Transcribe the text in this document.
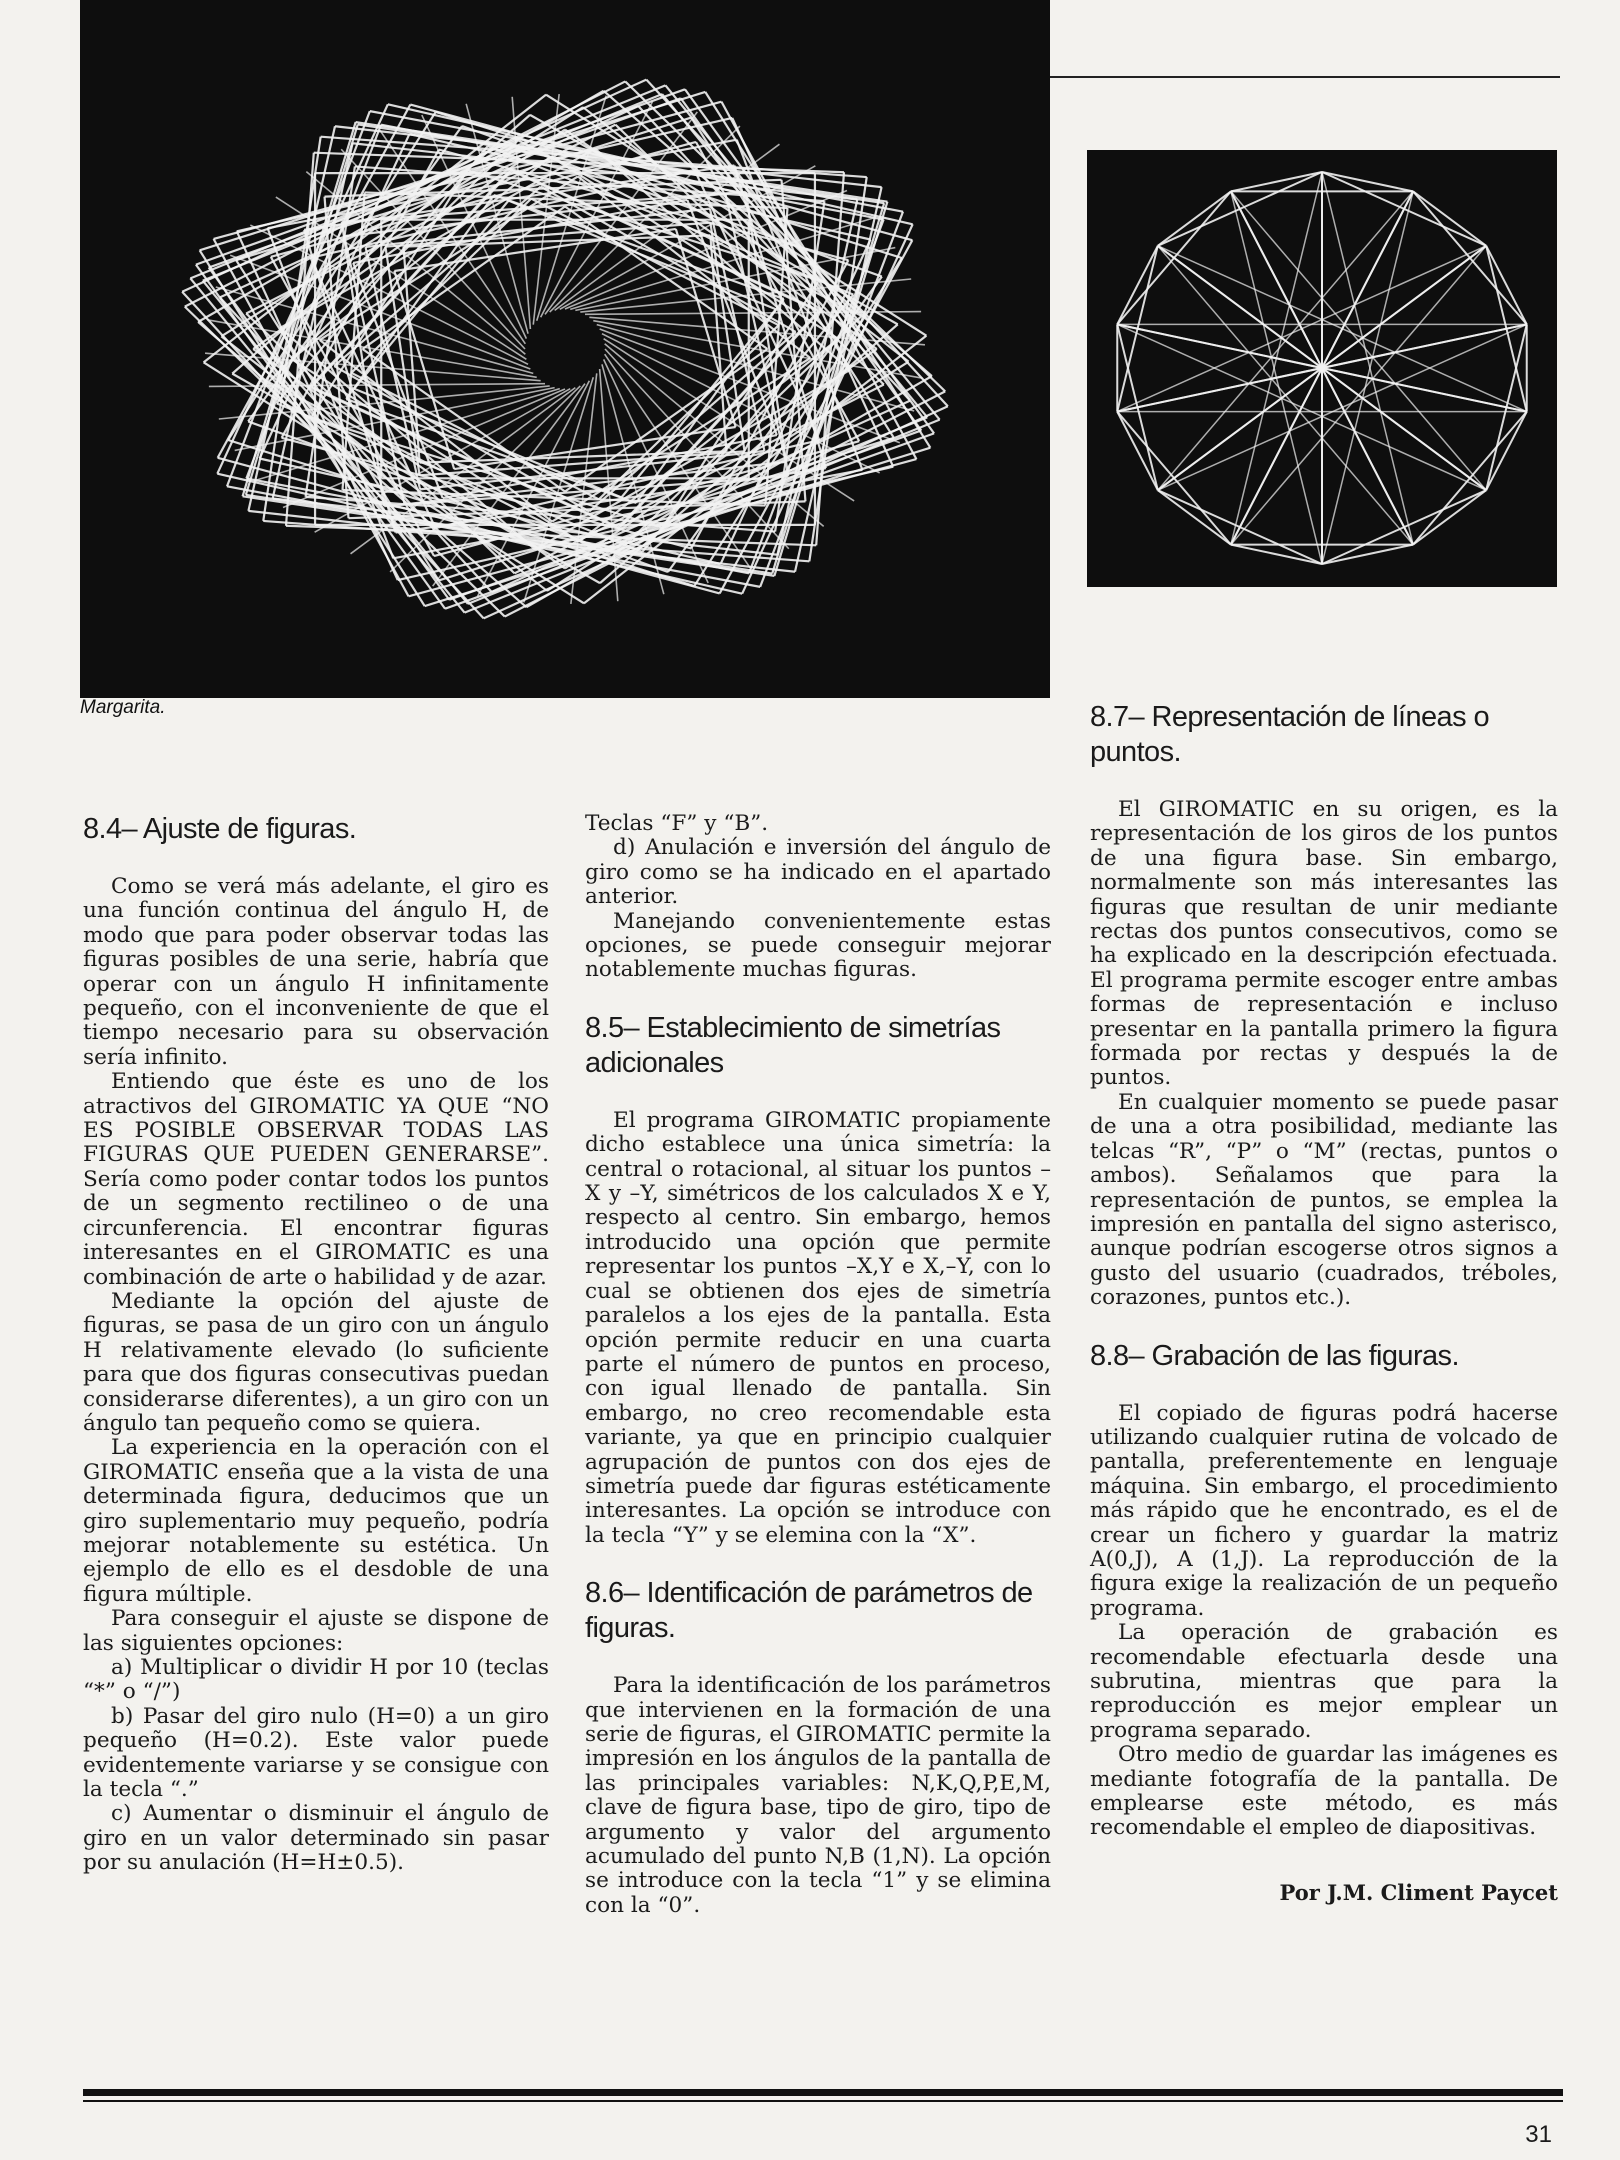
Margarita.
8.4– Ajuste de figuras.

Como se verá más adelante, el giro es una función continua del ángulo H, de modo que para poder observar todas las figuras posibles de una serie, habría que operar con un ángulo H infinitamente pequeño, con el inconveniente de que el tiempo necesario para su observación sería infinito.

Entiendo que éste es uno de los atractivos del GIROMATIC YA QUE “NO ES POSIBLE OBSERVAR TODAS LAS FIGURAS QUE PUEDEN GENERARSE”. Sería como poder contar todos los puntos de un segmento rectilineo o de una circunferencia. El encontrar figuras interesantes en el GIROMATIC es una combinación de arte o habilidad y de azar.

Mediante la opción del ajuste de figuras, se pasa de un giro con un ángulo H relativamente elevado (lo suficiente para que dos figuras consecutivas puedan considerarse diferentes), a un giro con un ángulo tan pequeño como se quiera.

La experiencia en la operación con el GIROMATIC enseña que a la vista de una determinada figura, deducimos que un giro suplementario muy pequeño, podría mejorar notablemente su estética. Un ejemplo de ello es el desdoble de una figura múltiple.

Para conseguir el ajuste se dispone de las siguientes opciones:

a) Multiplicar o dividir H por 10 (teclas “*” o “/”)

b) Pasar del giro nulo (H=0) a un giro pequeño (H=0.2). Este valor puede evidentemente variarse y se consigue con la tecla “.”

c) Aumentar o disminuir el ángulo de giro en un valor determinado sin pasar por su anulación (H=H±0.5).

Teclas “F” y “B”.

d) Anulación e inversión del ángulo de giro como se ha indicado en el apartado anterior.

Manejando convenientemente estas opciones, se puede conseguir mejorar notablemente muchas figuras.

8.5– Establecimiento de simetrías adicionales

El programa GIROMATIC propiamente dicho establece una única simetría: la central o rotacional, al situar los puntos –X y –Y, simétricos de los calculados X e Y, respecto al centro. Sin embargo, hemos introducido una opción que permite representar los puntos –X,Y e X,–Y, con lo cual se obtienen dos ejes de simetría paralelos a los ejes de la pantalla. Esta opción permite reducir en una cuarta parte el número de puntos en proceso, con igual llenado de pantalla. Sin embargo, no creo recomendable esta variante, ya que en principio cualquier agrupación de puntos con dos ejes de simetría puede dar figuras estéticamente interesantes. La opción se introduce con la tecla “Y” y se elemina con la “X”.

8.6– Identificación de parámetros de figuras.

Para la identificación de los parámetros que intervienen en la formación de una serie de figuras, el GIROMATIC permite la impresión en los ángulos de la pantalla de las principales variables: N,K,Q,P,E,M, clave de figura base, tipo de giro, tipo de argumento y valor del argumento acumulado del punto N,B (1,N). La opción se introduce con la tecla “1” y se elimina con la “0”.

8.7– Representación de líneas o puntos.

El GIROMATIC en su origen, es la representación de los giros de los puntos de una figura base. Sin embargo, normalmente son más interesantes las figuras que resultan de unir mediante rectas dos puntos consecutivos, como se ha explicado en la descripción efectuada. El programa permite escoger entre ambas formas de representación e incluso presentar en la pantalla primero la figura formada por rectas y después la de puntos.

En cualquier momento se puede pasar de una a otra posibilidad, mediante las telcas “R”, “P” o “M” (rectas, puntos o ambos). Señalamos que para la representación de puntos, se emplea la impresión en pantalla del signo asterisco, aunque podrían escogerse otros signos a gusto del usuario (cuadrados, tréboles, corazones, puntos etc.).

8.8– Grabación de las figuras.

El copiado de figuras podrá hacerse utilizando cualquier rutina de volcado de pantalla, preferentemente en lenguaje máquina. Sin embargo, el procedimiento más rápido que he encontrado, es el de crear un fichero y guardar la matriz A(0,J), A (1,J). La reproducción de la figura exige la realización de un pequeño programa.

La operación de grabación es recomendable efectuarla desde una subrutina, mientras que para la reproducción es mejor emplear un programa separado.

Otro medio de guardar las imágenes es mediante fotografía de la pantalla. De emplearse este método, es más recomendable el empleo de diapositivas.

Por J.M. Climent Paycet
31
